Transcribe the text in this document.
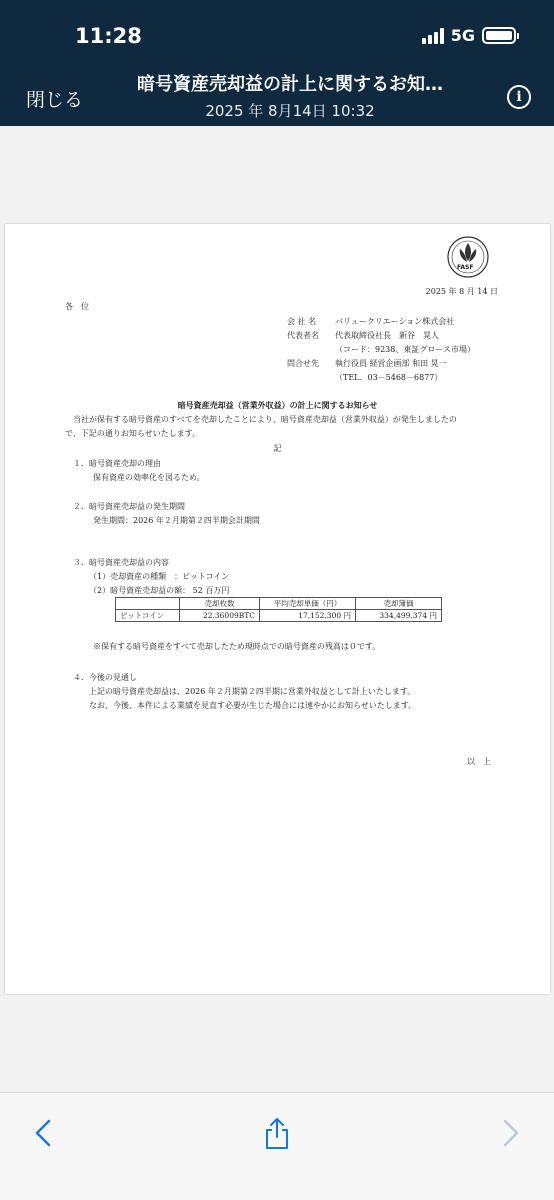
11:28	5G
閉じる
暗号資産売却益の計上に関するお知…
2025 年 8月14日 10:32
i
FASF
2025 年 8 月 14 日
各　位
会 社 名 バリュークリエーション株式会社
代表者名 代表取締役社長　新谷　晃人
（コード：9238、東証グロース市場）
問合せ先 執行役員 経営企画部 和田 晃一
（TEL．03－5468－6877）
暗号資産売却益（営業外収益）の計上に関するお知らせ
当社が保有する暗号資産のすべてを売却したことにより、暗号資産売却益（営業外収益）が発生しましたの
で、下記の通りお知らせいたします。
記
１．暗号資産売却の理由
保有資産の効率化を図るため。
２．暗号資産売却益の発生期間
発生期間：2026 年２月期第２四半期会計期間
３．暗号資産売却益の内容
（1）売却資産の種類　：ビットコイン
（2）暗号資産売却益の額： 52 百万円
	売却枚数	平均売却単価（円）	売却簿価
ビットコイン	22.36009BTC	17,152,300 円	334,499,374 円
※保有する暗号資産をすべて売却したため現時点での暗号資産の残高は０です。
４．今後の見通し
上記の暗号資産売却益は、2026 年２月期第２四半期に営業外収益として計上いたします。
なお、今後、本件による業績を見直す必要が生じた場合には速やかにお知らせいたします。
以　上
